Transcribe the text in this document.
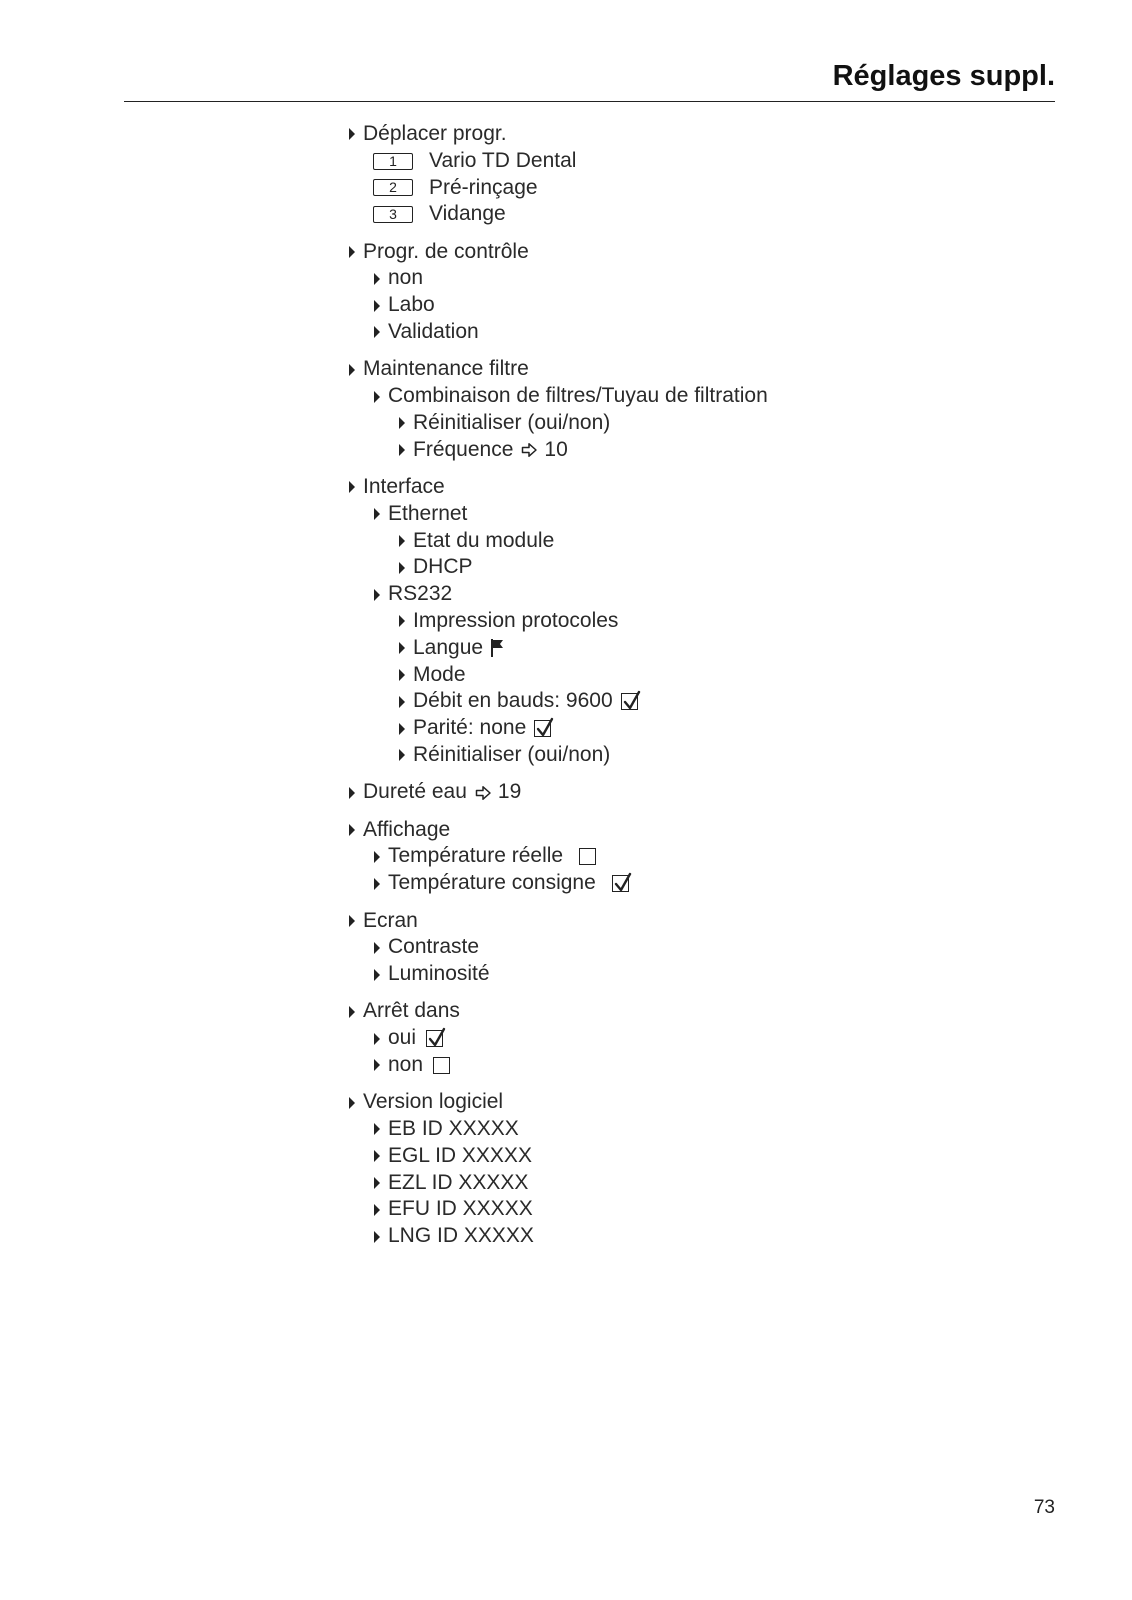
Réglages suppl.
Déplacer progr.
1	Vario TD Dental
2	Pré-rinçage
3	Vidange
Progr. de contrôle
non
Labo
Validation
Maintenance filtre
Combinaison de filtres/Tuyau de filtration
Réinitialiser (oui/non)
Fréquence 10
Interface
Ethernet
Etat du module
DHCP
RS232
Impression protocoles
Langue
Mode
Débit en bauds: 9600
Parité: none
Réinitialiser (oui/non)
Dureté eau 19
Affichage
Température réelle
Température consigne
Ecran
Contraste
Luminosité
Arrêt dans
oui
non
Version logiciel
EB ID XXXXX
EGL ID XXXXX
EZL ID XXXXX
EFU ID XXXXX
LNG ID XXXXX
73
